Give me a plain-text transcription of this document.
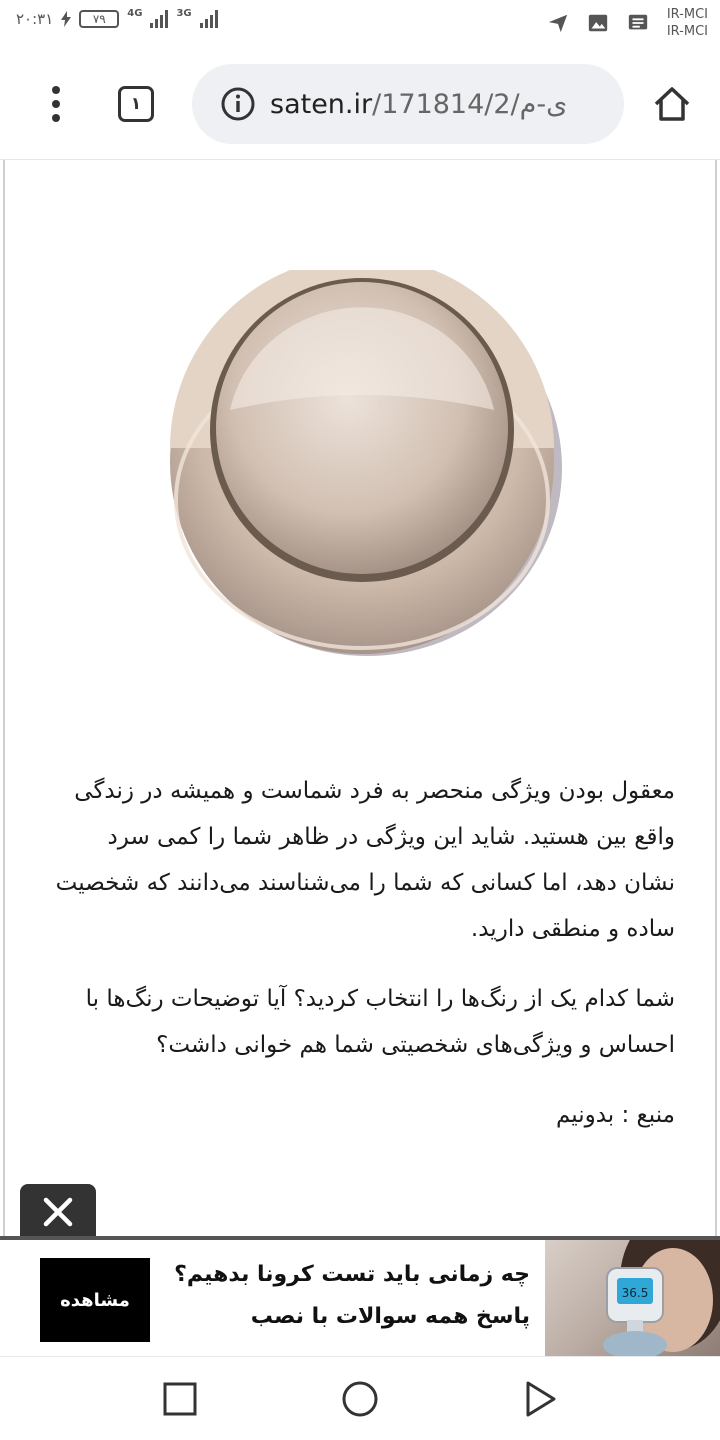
۲۰:۳۱	۷۹	4G	3G	IR-MCI
IR-MCI
۱	saten.ir/171814/2/ی-م

معقول بودن ویژگی منحصر به فرد شماست و همیشه در زندگی واقع بین هستید. شاید این ویژگی در ظاهر شما را کمی سرد نشان دهد، اما کسانی که شما را می‌شناسند می‌دانند که شخصیت ساده و منطقی دارید.

شما کدام یک از رنگ‌ها را انتخاب کردید؟ آیا توضیحات رنگ‌ها با احساس و ویژگی‌های شخصیتی شما هم خوانی داشت؟

منبع : بدونیم

مشاهده
چه زمانی باید تست کرونا بدهیم؟
پاسخ همه سوالات با نصب
36.5
